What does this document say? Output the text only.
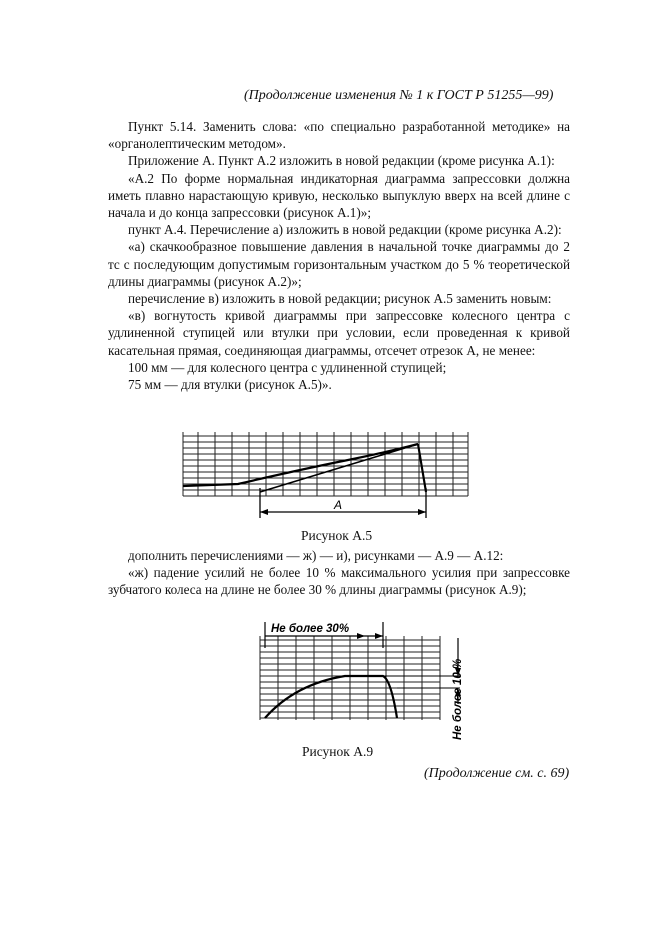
(Продолжение изменения № 1 к ГОСТ Р 51255—99)

Пункт 5.14. Заменить слова: «по специально разработанной методике» на «органолептическим методом».

Приложение А. Пункт А.2 изложить в новой редакции (кроме рисунка А.1):

«А.2 По форме нормальная индикаторная диаграмма запрессовки должна иметь плавно нарастающую кривую, несколько выпуклую вверх на всей длине с начала и до конца запрессовки (рисунок А.1)»;

пункт А.4. Перечисление а) изложить в новой редакции (кроме рисунка А.2):

«а) скачкообразное повышение давления в начальной точке диаграммы до 2 тс с последующим допустимым горизонтальным участком до 5 % теоретической длины диаграммы (рисунок А.2)»;

перечисление в) изложить в новой редакции; рисунок А.5 заменить новым:

«в) вогнутость кривой диаграммы при запрессовке колесного центра с удлиненной ступицей или втулки при условии, если проведенная к кривой касательная прямая, соединяющая диаграммы, отсечет отрезок А, не менее:

100 мм — для колесного центра с удлиненной ступицей;

75 мм — для втулки (рисунок А.5)».

А
Рисунок А.5

дополнить перечислениями — ж) — и), рисунками — А.9 — А.12:

«ж) падение усилий не более 10 % максимального усилия при запрессовке зубчатого колеса на длине не более 30 % длины диаграммы (рисунок А.9);

Не более 30%
Не более 10 %
Рисунок А.9
(Продолжение см. с. 69)
